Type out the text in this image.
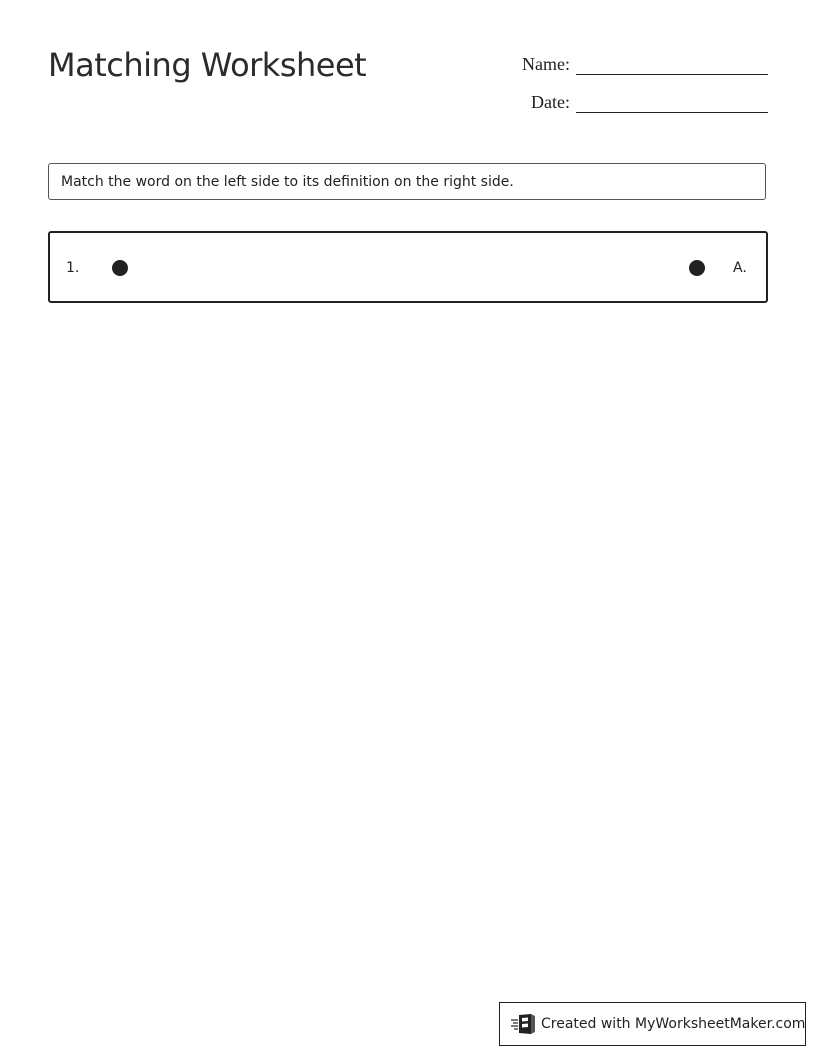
Matching Worksheet	Name:
Date:
Match the word on the left side to its definition on the right side.
1.	A.
Created with MyWorksheetMaker.com
